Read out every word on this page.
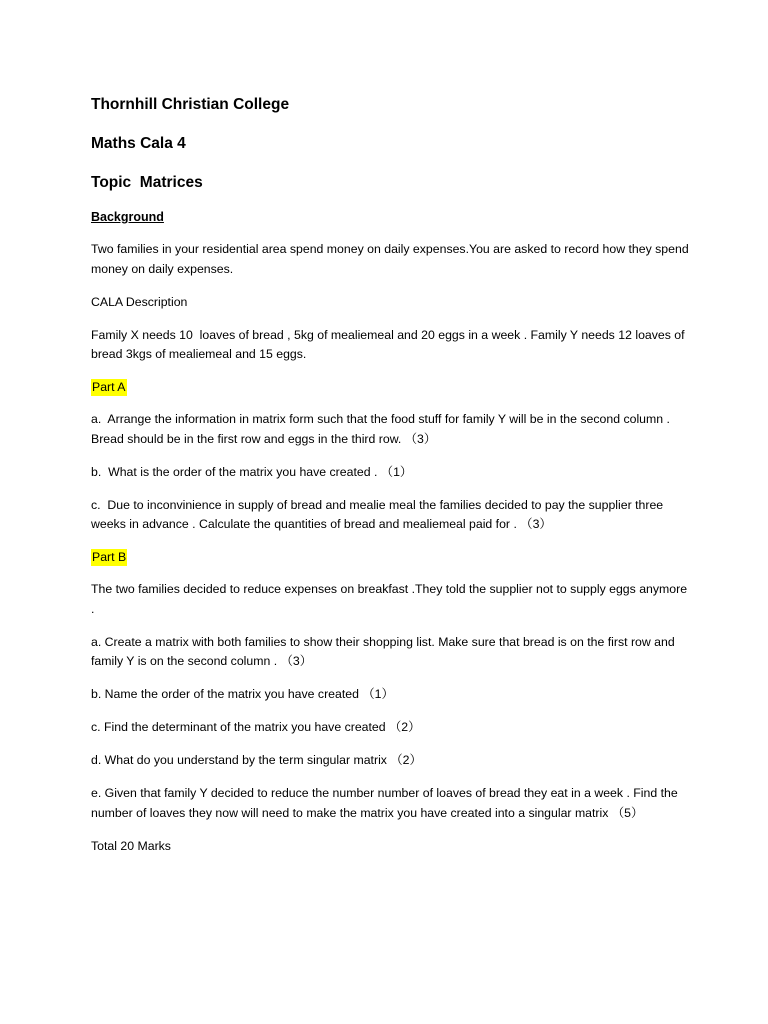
Thornhill Christian College
Maths Cala 4
Topic  Matrices
Background
Two families in your residential area spend money on daily expenses.You are asked to record how they spend money on daily expenses.
CALA Description
Family X needs 10  loaves of bread , 5kg of mealiemeal and 20 eggs in a week . Family Y needs 12 loaves of bread 3kgs of mealiemeal and 15 eggs.
Part A
a.  Arrange the information in matrix form such that the food stuff for family Y will be in the second column . Bread should be in the first row and eggs in the third row. （3）
b.  What is the order of the matrix you have created . （1）
c.  Due to inconvinience in supply of bread and mealie meal the families decided to pay the supplier three weeks in advance . Calculate the quantities of bread and mealiemeal paid for . （3）
Part B
The two families decided to reduce expenses on breakfast .They told the supplier not to supply eggs anymore .
a. Create a matrix with both families to show their shopping list. Make sure that bread is on the first row and family Y is on the second column . （3）
b. Name the order of the matrix you have created （1）
c. Find the determinant of the matrix you have created （2）
d. What do you understand by the term singular matrix （2）
e. Given that family Y decided to reduce the number number of loaves of bread they eat in a week . Find the number of loaves they now will need to make the matrix you have created into a singular matrix （5）
Total 20 Marks
